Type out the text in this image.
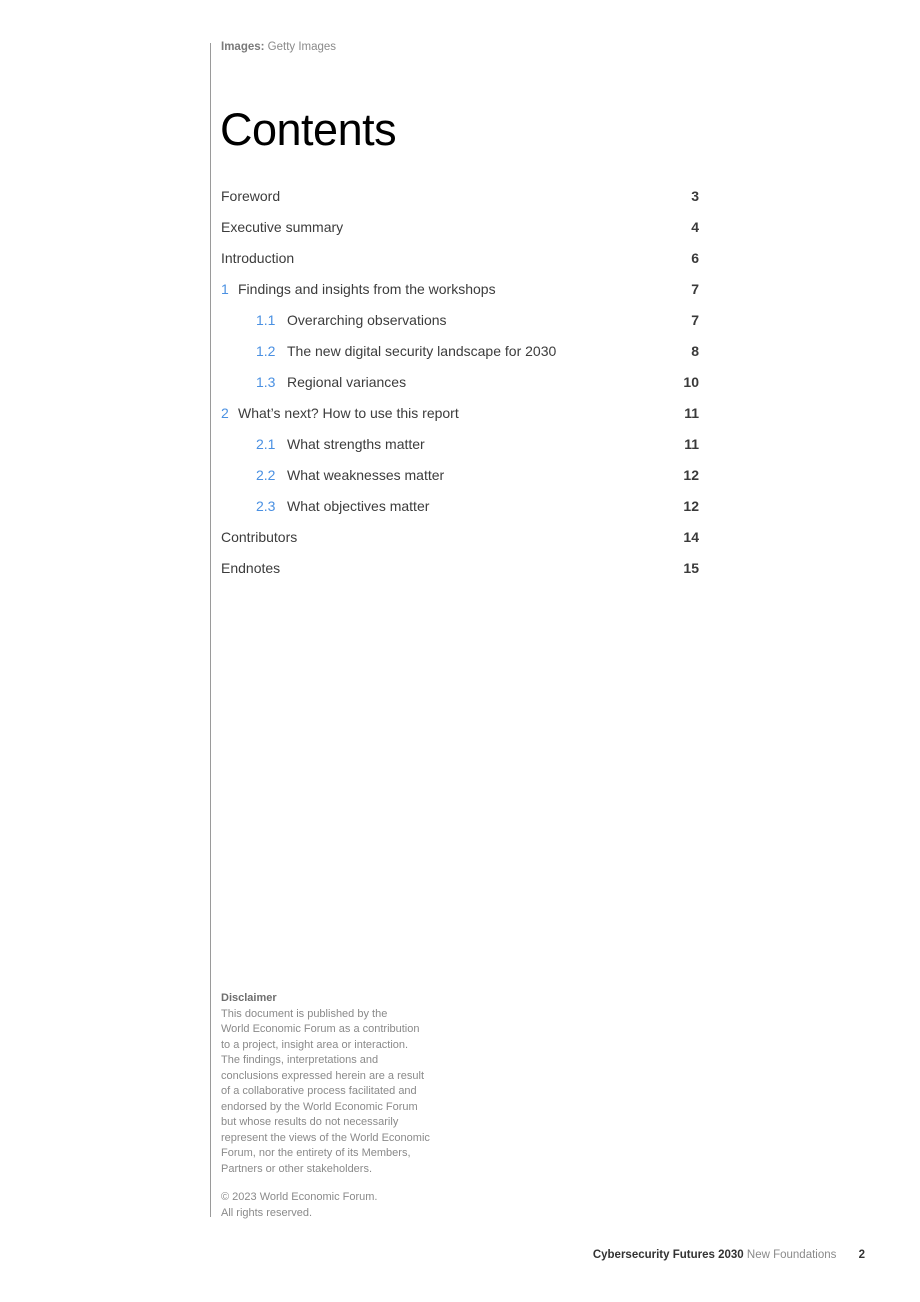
Images: Getty Images
Contents
Foreword	3
Executive summary	4
Introduction	6
1 Findings and insights from the workshops	7
1.1 Overarching observations	7
1.2 The new digital security landscape for 2030	8
1.3 Regional variances	10
2 What’s next? How to use this report	11
2.1 What strengths matter	11
2.2 What weaknesses matter	12
2.3 What objectives matter	12
Contributors	14
Endnotes	15
Disclaimer
This document is published by the
World Economic Forum as a contribution
to a project, insight area or interaction.
The findings, interpretations and
conclusions expressed herein are a result
of a collaborative process facilitated and
endorsed by the World Economic Forum
but whose results do not necessarily
represent the views of the World Economic
Forum, nor the entirety of its Members,
Partners or other stakeholders.
© 2023 World Economic Forum.
All rights reserved.
Cybersecurity Futures 2030 New Foundations 2
